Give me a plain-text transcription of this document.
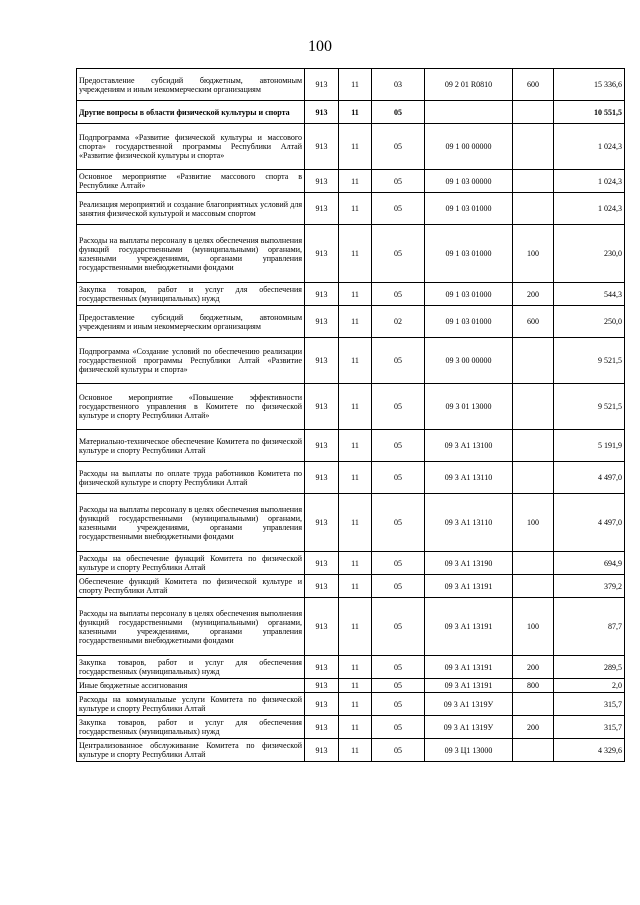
100
Предоставление субсидий бюджетным, автономным учреждениям и иным некоммерческим организациям	913	11	03	09 2 01 R0810	600	15 336,6
Другие вопросы в области физической культуры и спорта	913	11	05			10 551,5
Подпрограмма «Развитие физической культуры и массового спорта» государственной программы Республики Алтай «Развитие физической культуры и спорта»	913	11	05	09 1 00 00000		1 024,3
Основное мероприятие «Развитие массового спорта в Республике Алтай»	913	11	05	09 1 03 00000		1 024,3
Реализация мероприятий и создание благоприятных условий для занятия физической культурой и массовым спортом	913	11	05	09 1 03 01000		1 024,3
Расходы на выплаты персоналу в целях обеспечения выполнения функций государственными (муниципальными) органами, казенными учреждениями, органами управления государственными внебюджетными фондами	913	11	05	09 1 03 01000	100	230,0
Закупка товаров, работ и услуг для обеспечения государственных (муниципальных) нужд	913	11	05	09 1 03 01000	200	544,3
Предоставление субсидий бюджетным, автономным учреждениям и иным некоммерческим организациям	913	11	02	09 1 03 01000	600	250,0
Подпрограмма «Создание условий по обеспечению реализации государственной программы Республики Алтай «Развитие физической культуры и спорта»	913	11	05	09 3 00 00000		9 521,5
Основное мероприятие «Повышение эффективности государственного управления в Комитете по физической культуре и спорту Республики Алтай»	913	11	05	09 3 01 13000		9 521,5
Материально-техническое обеспечение Комитета по физической культуре и спорту Республики Алтай	913	11	05	09 3 А1 13100		5 191,9
Расходы на выплаты по оплате труда работников Комитета по физической культуре и спорту Республики Алтай	913	11	05	09 3 А1 13110		4 497,0
Расходы на выплаты персоналу в целях обеспечения выполнения функций государственными (муниципальными) органами, казенными учреждениями, органами управления государственными внебюджетными фондами	913	11	05	09 3 А1 13110	100	4 497,0
Расходы на обеспечение функций Комитета по физической культуре и спорту Республики Алтай	913	11	05	09 3 А1 13190		694,9
Обеспечение функций Комитета по физической культуре и спорту Республики Алтай	913	11	05	09 3 А1 13191		379,2
Расходы на выплаты персоналу в целях обеспечения выполнения функций государственными (муниципальными) органами, казенными учреждениями, органами управления государственными внебюджетными фондами	913	11	05	09 3 А1 13191	100	87,7
Закупка товаров, работ и услуг для обеспечения государственных (муниципальных) нужд	913	11	05	09 3 А1 13191	200	289,5
Иные бюджетные ассигнования	913	11	05	09 3 А1 13191	800	2,0
Расходы на коммунальные услуги Комитета по физической культуре и спорту Республики Алтай	913	11	05	09 3 А1 1319У		315,7
Закупка товаров, работ и услуг для обеспечения государственных (муниципальных) нужд	913	11	05	09 3 А1 1319У	200	315,7
Централизованное обслуживание Комитета по физической культуре и спорту Республики Алтай	913	11	05	09 3 Ц1 13000		4 329,6
